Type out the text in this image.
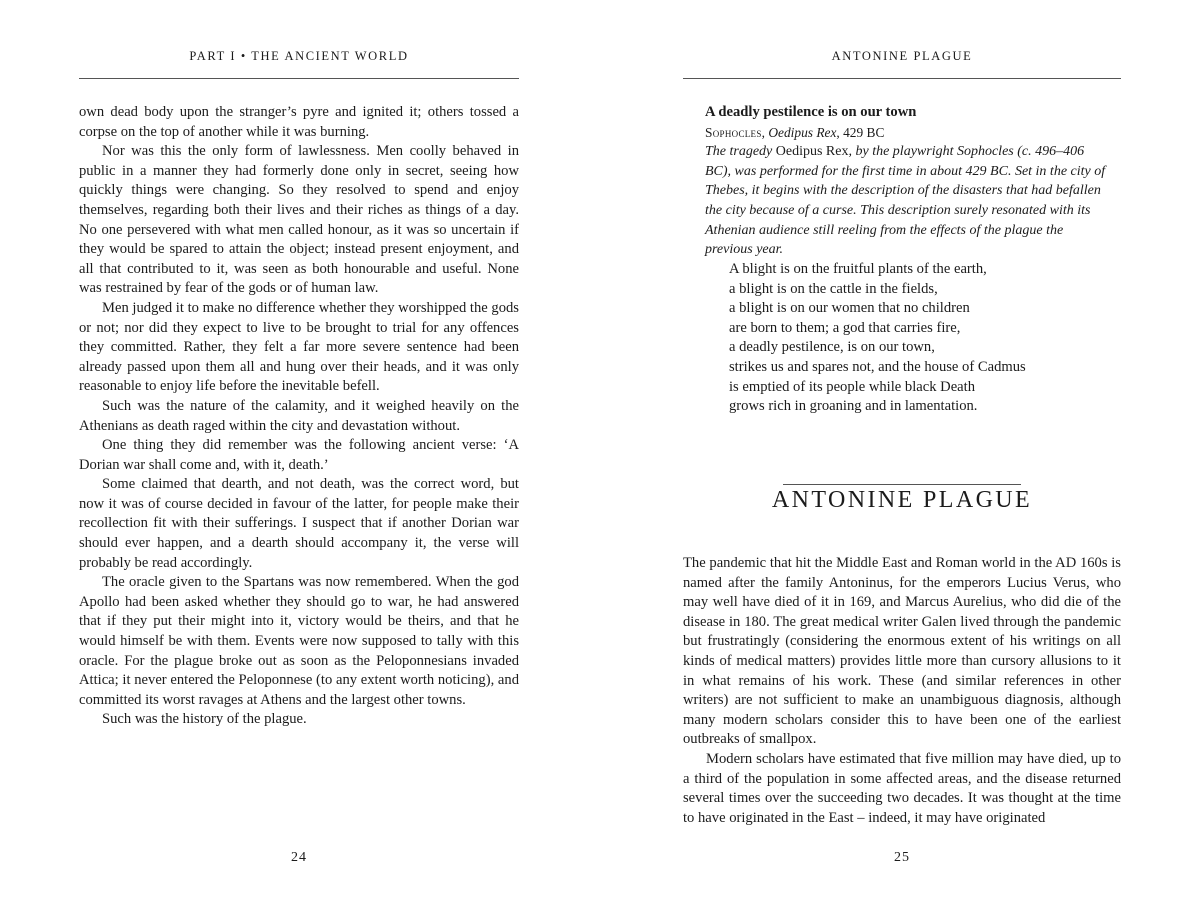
PART I • THE ANCIENT WORLD

own dead body upon the stranger’s pyre and ignited it; others tossed a corpse on the top of another while it was burning.

Nor was this the only form of lawlessness. Men coolly behaved in public in a manner they had formerly done only in secret, seeing how quickly things were changing. So they resolved to spend and enjoy themselves, regarding both their lives and their riches as things of a day. No one persevered with what men called honour, as it was so uncertain if they would be spared to attain the object; instead present enjoyment, and all that contributed to it, was seen as both honourable and useful. None was restrained by fear of the gods or of human law.

Men judged it to make no difference whether they worshipped the gods or not; nor did they expect to live to be brought to trial for any offences they committed. Rather, they felt a far more severe sentence had been already passed upon them all and hung over their heads, and it was only reasonable to enjoy life before the inevitable befell.

Such was the nature of the calamity, and it weighed heavily on the Athenians as death raged within the city and devastation without.

One thing they did remember was the following ancient verse: ‘A Dorian war shall come and, with it, death.’

Some claimed that dearth, and not death, was the correct word, but now it was of course decided in favour of the latter, for people make their recollection fit with their sufferings. I suspect that if another Dorian war should ever happen, and a dearth should accompany it, the verse will probably be read accordingly.

The oracle given to the Spartans was now remembered. When the god Apollo had been asked whether they should go to war, he had answered that if they put their might into it, victory would be theirs, and that he would himself be with them. Events were now supposed to tally with this oracle. For the plague broke out as soon as the Peloponnesians invaded Attica; it never entered the Peloponnese (to any extent worth noticing), and committed its worst ravages at Athens and the largest other towns.

Such was the history of the plague.

24
ANTONINE PLAGUE
A deadly pestilence is on our town
Sophocles, Oedipus Rex, 429 BC
The tragedy Oedipus Rex, by the playwright Sophocles (c. 496–406 BC), was performed for the first time in about 429 BC. Set in the city of Thebes, it begins with the description of the disasters that had befallen the city because of a curse. This description surely resonated with its Athenian audience still reeling from the effects of the plague the previous year.
A blight is on the fruitful plants of the earth,
a blight is on the cattle in the fields,
a blight is on our women that no children
are born to them; a god that carries fire,
a deadly pestilence, is on our town,
strikes us and spares not, and the house of Cadmus
is emptied of its people while black Death
grows rich in groaning and in lamentation.
ANTONINE PLAGUE

The pandemic that hit the Middle East and Roman world in the AD 160s is named after the family Antoninus, for the emperors Lucius Verus, who may well have died of it in 169, and Marcus Aurelius, who did die of the disease in 180. The great medical writer Galen lived through the pandemic but frustratingly (considering the enormous extent of his writings on all kinds of medical matters) provides little more than cursory allusions to it in what remains of his work. These (and similar references in other writers) are not sufficient to make an unambiguous diagnosis, although many modern scholars consider this to have been one of the earliest outbreaks of smallpox.

Modern scholars have estimated that five million may have died, up to a third of the population in some affected areas, and the disease returned several times over the succeeding two decades. It was thought at the time to have originated in the East – indeed, it may have originated

25
